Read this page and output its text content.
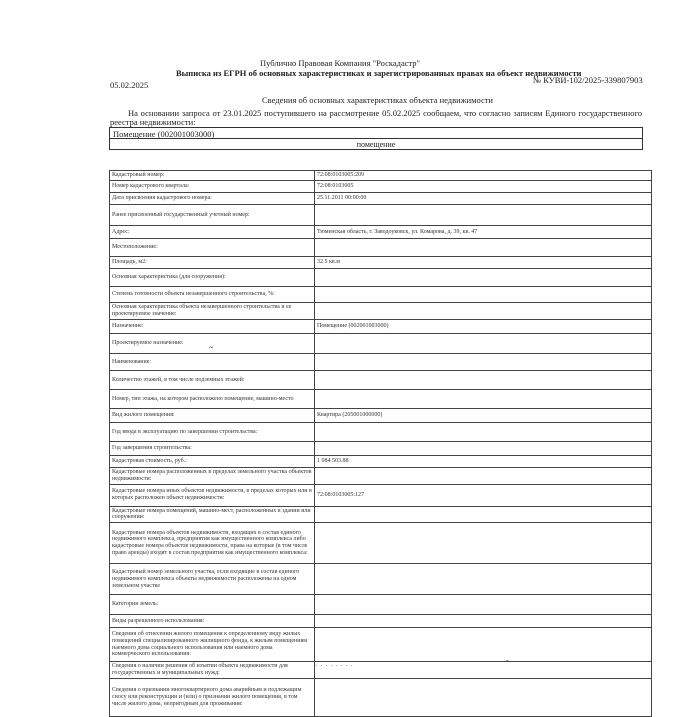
Публично Правовая Компания "Роскадастр"
Выписка из ЕГРН об основных характеристиках и зарегистрированных правах на объект недвижимости
05.02.2025	№ КУВИ-102/2025-339807903
Сведения об основных характеристиках объекта недвижимости
На основании запроса от 23.01.2025 поступившего на рассмотрение 05.02.2025 сообщаем, что согласно записям Единого государственного реестра недвижимости:
Помещение (002001003000)
помещение
Кадастровый номер:	72:08:0103005:209
Номер кадастрового квартала:	72:08:0103005
Дата присвоения кадастрового номера:	25.11.2011 00:00:00
Ранее присвоенный государственный учетный номер:	
Адрес:	Тюменская область, г. Заводоуковск, ул. Комарова, д. 39, кв. 47
Местоположение:	
Площадь, м2:	32.5 кв.м
Основная характеристика (для сооружения):	
Степень готовности объекта незавершенного строительства, %:	
Основная характеристика объекта незавершенного строительства и ее проектируемое значение:	
Назначение:	Помещение (002001003000)
Проектируемое назначение:	
Наименование:	
Количество этажей, в том числе подземных этажей:	
Номер, тип этажа, на котором расположено помещение, машино-место	
Вид жилого помещения:	Квартира (205001000000)
Год ввода в эксплуатацию по завершении строительства:	
Год завершения строительства:	
Кадастровая стоимость, руб.:	1 084 503.88
Кадастровые номера расположенных в пределах земельного участка объектов недвижимости:	
Кадастровые номера иных объектов недвижимости, в пределах которых или в которых расположен объект недвижимости:	72:08:0103005:127
Кадастровые номера помещений, машино-мест, расположенных в здании или сооружении:	
Кадастровые номера объектов недвижимости, входящих в состав единого недвижимого комплекса, предприятия как имущественного комплекса либо кадастровые номера объектов недвижимости, права на которые (в том числе право аренды) входят в состав предприятия как имущественного комплекса:	
Кадастровый номер земельного участка, если входящие в состав единого недвижимого комплекса объекты недвижимости расположены на одном земельном участке	
Категория земель:	
Виды разрешенного использования:	
Сведения об отнесении жилого помещения к определенному виду жилых помещений специализированного жилищного фонда, к жилым помещениям наемного дома социального использования или наемного дома коммерческого использования:	
Сведения о наличии решения об изъятии объекта недвижимости для государственных и муниципальных нужд:	
Сведения о признании многоквартирного дома аварийным и подлежащим сносу или реконструкции и (или) о признании жилого помещения, в том числе жилого дома, непригодным для проживания:	
~
-
. . . . . . . .
